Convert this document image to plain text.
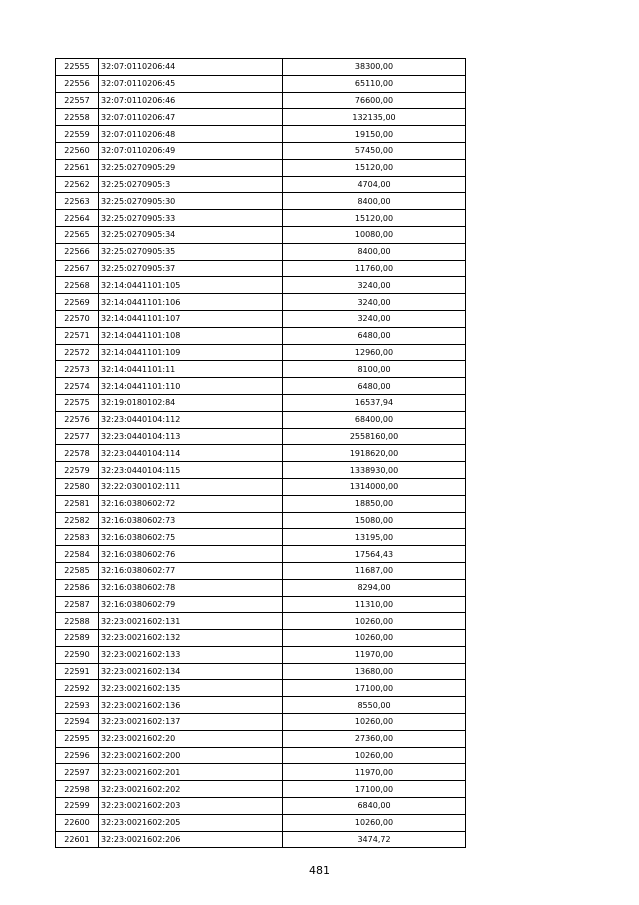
22555	32:07:0110206:44	38300,00
22556	32:07:0110206:45	65110,00
22557	32:07:0110206:46	76600,00
22558	32:07:0110206:47	132135,00
22559	32:07:0110206:48	19150,00
22560	32:07:0110206:49	57450,00
22561	32:25:0270905:29	15120,00
22562	32:25:0270905:3	4704,00
22563	32:25:0270905:30	8400,00
22564	32:25:0270905:33	15120,00
22565	32:25:0270905:34	10080,00
22566	32:25:0270905:35	8400,00
22567	32:25:0270905:37	11760,00
22568	32:14:0441101:105	3240,00
22569	32:14:0441101:106	3240,00
22570	32:14:0441101:107	3240,00
22571	32:14:0441101:108	6480,00
22572	32:14:0441101:109	12960,00
22573	32:14:0441101:11	8100,00
22574	32:14:0441101:110	6480,00
22575	32:19:0180102:84	16537,94
22576	32:23:0440104:112	68400,00
22577	32:23:0440104:113	2558160,00
22578	32:23:0440104:114	1918620,00
22579	32:23:0440104:115	1338930,00
22580	32:22:0300102:111	1314000,00
22581	32:16:0380602:72	18850,00
22582	32:16:0380602:73	15080,00
22583	32:16:0380602:75	13195,00
22584	32:16:0380602:76	17564,43
22585	32:16:0380602:77	11687,00
22586	32:16:0380602:78	8294,00
22587	32:16:0380602:79	11310,00
22588	32:23:0021602:131	10260,00
22589	32:23:0021602:132	10260,00
22590	32:23:0021602:133	11970,00
22591	32:23:0021602:134	13680,00
22592	32:23:0021602:135	17100,00
22593	32:23:0021602:136	8550,00
22594	32:23:0021602:137	10260,00
22595	32:23:0021602:20	27360,00
22596	32:23:0021602:200	10260,00
22597	32:23:0021602:201	11970,00
22598	32:23:0021602:202	17100,00
22599	32:23:0021602:203	6840,00
22600	32:23:0021602:205	10260,00
22601	32:23:0021602:206	3474,72
481
